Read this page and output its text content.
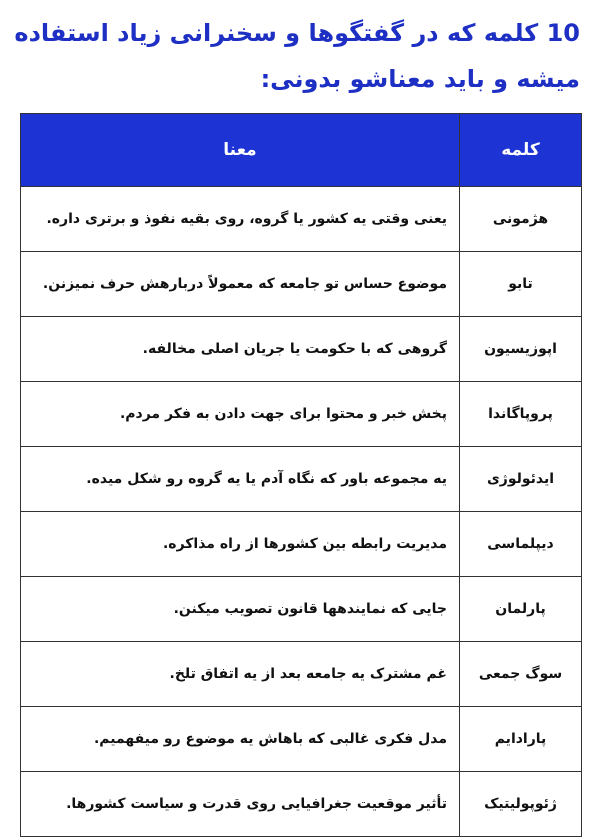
10 کلمه که در گفتگوها و سخنرانی زیاد استفاده
میشه و باید معناشو بدونی:
کلمه	معنا
هژمونی	یعنی وقتی یه کشور یا گروه، روی بقیه نفوذ و برتری داره.
تابو	موضوع حساس تو جامعه که معمولاً دربارهش حرف نمیزنن.
اپوزیسیون	گروهی که با حکومت یا جریان اصلی مخالفه.
پروپاگاندا	پخش خبر و محتوا برای جهت دادن به فکر مردم.
ایدئولوژی	یه مجموعه باور که نگاه آدم یا یه گروه رو شکل میده.
دیپلماسی	مدیریت رابطه بین کشورها از راه مذاکره.
پارلمان	جایی که نمایندهها قانون تصویب میکنن.
سوگ جمعی	غم مشترک یه جامعه بعد از یه اتفاق تلخ.
پارادایم	مدل فکری غالبی که باهاش یه موضوع رو میفهمیم.
ژئوپولیتیک	تأثیر موقعیت جغرافیایی روی قدرت و سیاست کشورها.
